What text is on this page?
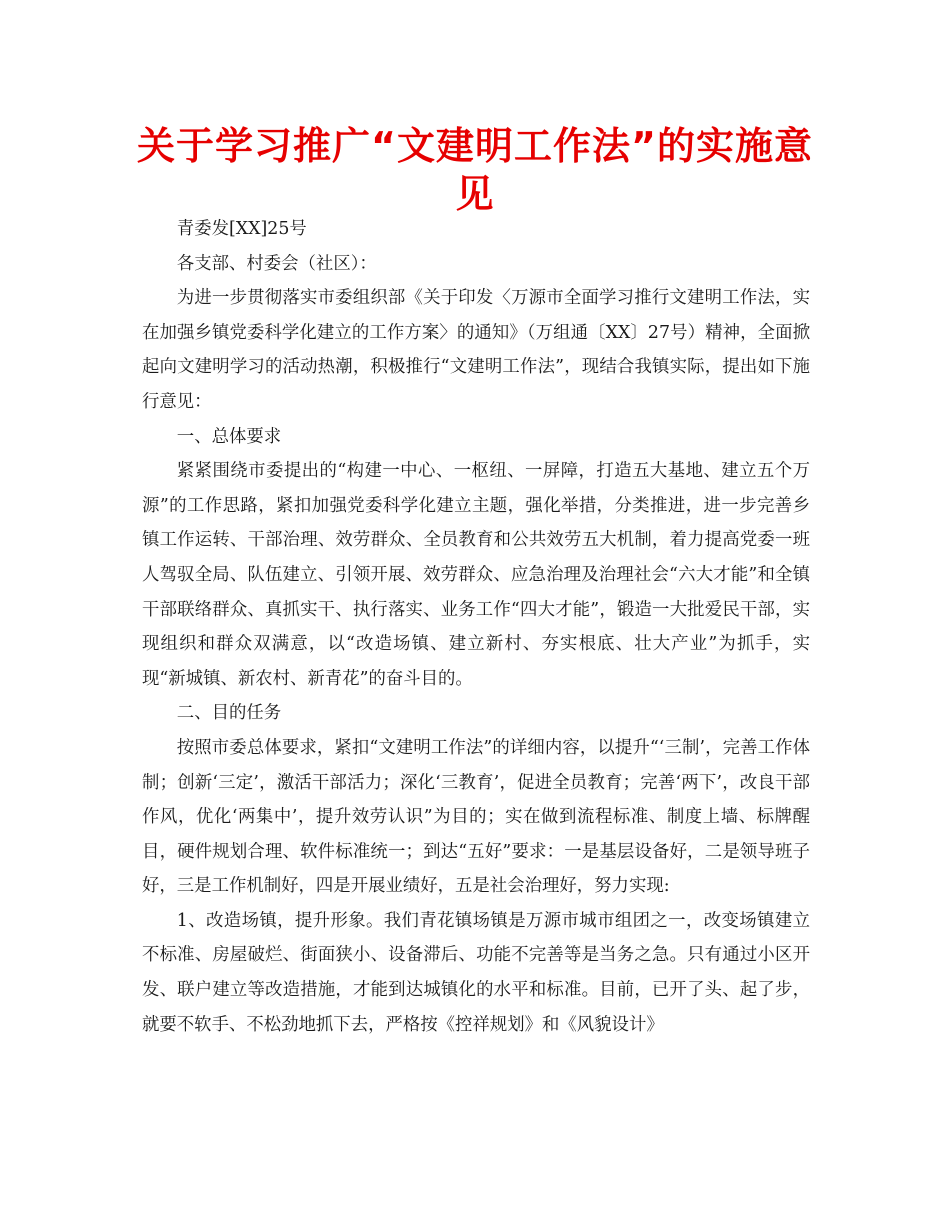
关于学习推广“文建明工作法”的实施意见

青委发[XX]25号

各支部、村委会（社区）：

为进一步贯彻落实市委组织部《关于印发〈万源市全面学习推行文建明工作法，实在加强乡镇党委科学化建立的工作方案〉的通知》（万组通〔XX〕27号）精神，全面掀起向文建明学习的活动热潮，积极推行“文建明工作法”，现结合我镇实际，提出如下施行意见：

一、总体要求

紧紧围绕市委提出的“构建一中心、一枢纽、一屏障，打造五大基地、建立五个万源”的工作思路，紧扣加强党委科学化建立主题，强化举措，分类推进，进一步完善乡镇工作运转、干部治理、效劳群众、全员教育和公共效劳五大机制，着力提高党委一班人驾驭全局、队伍建立、引领开展、效劳群众、应急治理及治理社会“六大才能”和全镇干部联络群众、真抓实干、执行落实、业务工作“四大才能”，锻造一大批爱民干部，实现组织和群众双满意，以“改造场镇、建立新村、夯实根底、壮大产业”为抓手，实现“新城镇、新农村、新青花”的奋斗目的。

二、目的任务

按照市委总体要求，紧扣“文建明工作法”的详细内容，以提升“‘三制’，完善工作体制；创新‘三定’，激活干部活力；深化‘三教育’，促进全员教育；完善‘两下’，改良干部作风，优化‘两集中’，提升效劳认识”为目的；实在做到流程标准、制度上墙、标牌醒目，硬件规划合理、软件标准统一；到达“五好”要求：一是基层设备好，二是领导班子好，三是工作机制好，四是开展业绩好，五是社会治理好，努力实现:

1、改造场镇，提升形象。我们青花镇场镇是万源市城市组团之一，改变场镇建立不标准、房屋破烂、街面狭小、设备滞后、功能不完善等是当务之急。只有通过小区开发、联户建立等改造措施，才能到达城镇化的水平和标准。目前，已开了头、起了步，就要不软手、不松劲地抓下去，严格按《控祥规划》和《风貌设计》
